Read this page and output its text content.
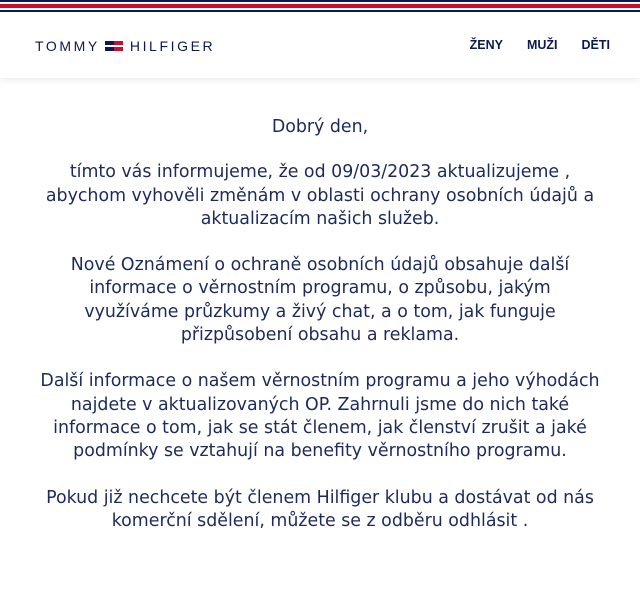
TOMMY HILFIGER	ŽENY MUŽI DĚTI

Dobrý den,

tímto vás informujeme, že od 09/03/2023 aktualizujeme , abychom vyhověli změnám v oblasti ochrany osobních údajů a aktualizacím našich služeb.

Nové Oznámení o ochraně osobních údajů obsahuje další informace o věrnostním programu, o způsobu, jakým využíváme průzkumy a živý chat, a o tom, jak funguje přizpůsobení obsahu a reklama.

Další informace o našem věrnostním programu a jeho výhodách najdete v aktualizovaných OP. Zahrnuli jsme do nich také informace o tom, jak se stát členem, jak členství zrušit a jaké podmínky se vztahují na benefity věrnostního programu.

Pokud již nechcete být členem Hilfiger klubu a dostávat od nás komerční sdělení, můžete se z odběru odhlásit .
